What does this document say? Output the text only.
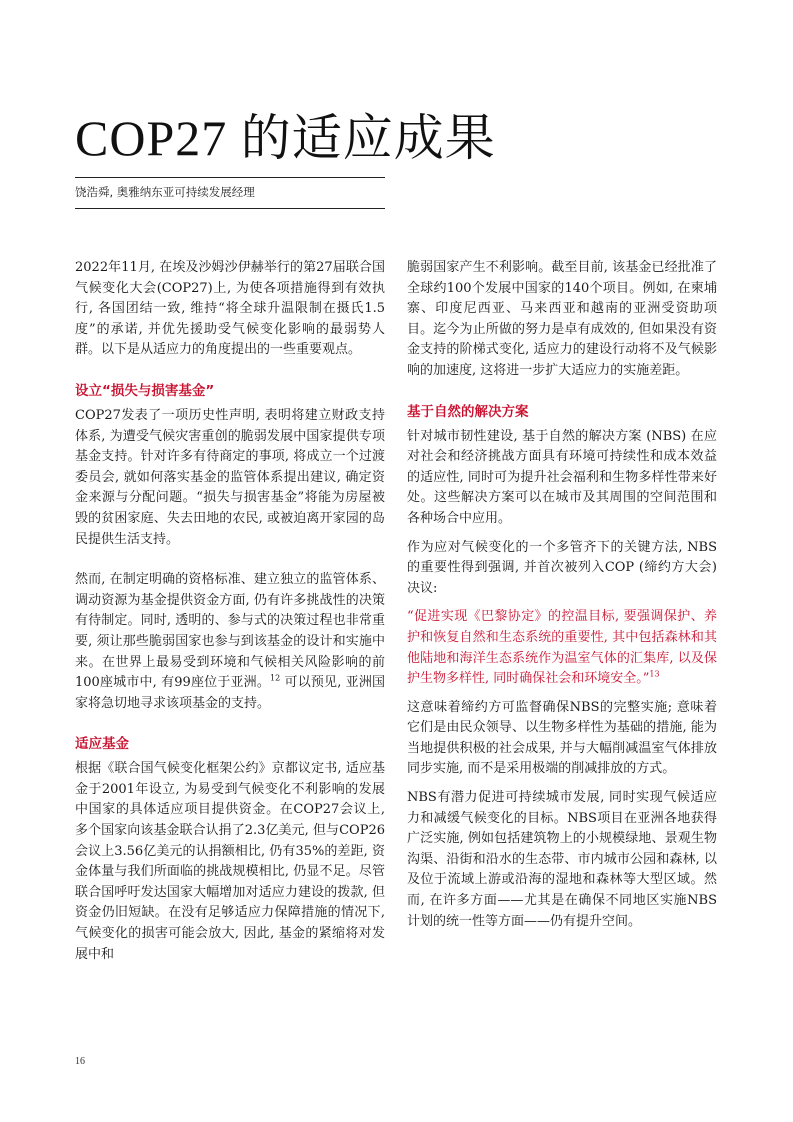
COP27 的适应成果
饶浩舜, 奥雅纳东亚可持续发展经理

2022年11月, 在埃及沙姆沙伊赫举行的第27届联合国气候变化大会(COP27)上, 为使各项措施得到有效执行, 各国团结一致, 维持“将全球升温限制在摄氏1.5度”的承诺, 并优先援助受气候变化影响的最弱势人群。以下是从适应力的角度提出的一些重要观点。

设立“损失与损害基金”

COP27发表了一项历史性声明, 表明将建立财政支持体系, 为遭受气候灾害重创的脆弱发展中国家提供专项基金支持。针对许多有待商定的事项, 将成立一个过渡委员会, 就如何落实基金的监管体系提出建议, 确定资金来源与分配问题。“损失与损害基金”将能为房屋被毁的贫困家庭、失去田地的农民, 或被迫离开家园的岛民提供生活支持。

然而, 在制定明确的资格标准、建立独立的监管体系、调动资源为基金提供资金方面, 仍有许多挑战性的决策有待制定。同时, 透明的、参与式的决策过程也非常重要, 须让那些脆弱国家也参与到该基金的设计和实施中来。在世界上最易受到环境和气候相关风险影响的前100座城市中, 有99座位于亚洲。$^{12}$ 可以预见, 亚洲国家将急切地寻求该项基金的支持。

适应基金

根据《联合国气候变化框架公约》京都议定书, 适应基金于2001年设立, 为易受到气候变化不利影响的发展中国家的具体适应项目提供资金。在COP27会议上, 多个国家向该基金联合认捐了2.3亿美元, 但与COP26会议上3.56亿美元的认捐额相比, 仍有35%的差距, 资金体量与我们所面临的挑战规模相比, 仍显不足。尽管联合国呼吁发达国家大幅增加对适应力建设的拨款, 但资金仍旧短缺。在没有足够适应力保障措施的情况下, 气候变化的损害可能会放大, 因此, 基金的紧缩将对发展中和

脆弱国家产生不利影响。截至目前, 该基金已经批准了全球约100个发展中国家的140个项目。例如, 在柬埔寨、印度尼西亚、马来西亚和越南的亚洲受资助项目。迄今为止所做的努力是卓有成效的, 但如果没有资金支持的阶梯式变化, 适应力的建设行动将不及气候影响的加速度, 这将进一步扩大适应力的实施差距。

基于自然的解决方案

针对城市韧性建设, 基于自然的解决方案 (NBS) 在应对社会和经济挑战方面具有环境可持续性和成本效益的适应性, 同时可为提升社会福利和生物多样性带来好处。这些解决方案可以在城市及其周围的空间范围和各种场合中应用。

作为应对气候变化的一个多管齐下的关键方法, NBS的重要性得到强调, 并首次被列入COP (缔约方大会) 决议:

“促进实现《巴黎协定》的控温目标, 要强调保护、养护和恢复自然和生态系统的重要性, 其中包括森林和其他陆地和海洋生态系统作为温室气体的汇集库, 以及保护生物多样性, 同时确保社会和环境安全。”$^{13}$

这意味着缔约方可监督确保NBS的完整实施; 意味着它们是由民众领导、以生物多样性为基础的措施, 能为当地提供积极的社会成果, 并与大幅削减温室气体排放同步实施, 而不是采用极端的削减排放的方式。

NBS有潜力促进可持续城市发展, 同时实现气候适应力和减缓气候变化的目标。NBS项目在亚洲各地获得广泛实施, 例如包括建筑物上的小规模绿地、景观生物沟渠、沿街和沿水的生态带、市内城市公园和森林, 以及位于流域上游或沿海的湿地和森林等大型区域。然而, 在许多方面——尤其是在确保不同地区实施NBS计划的统一性等方面——仍有提升空间。

16
